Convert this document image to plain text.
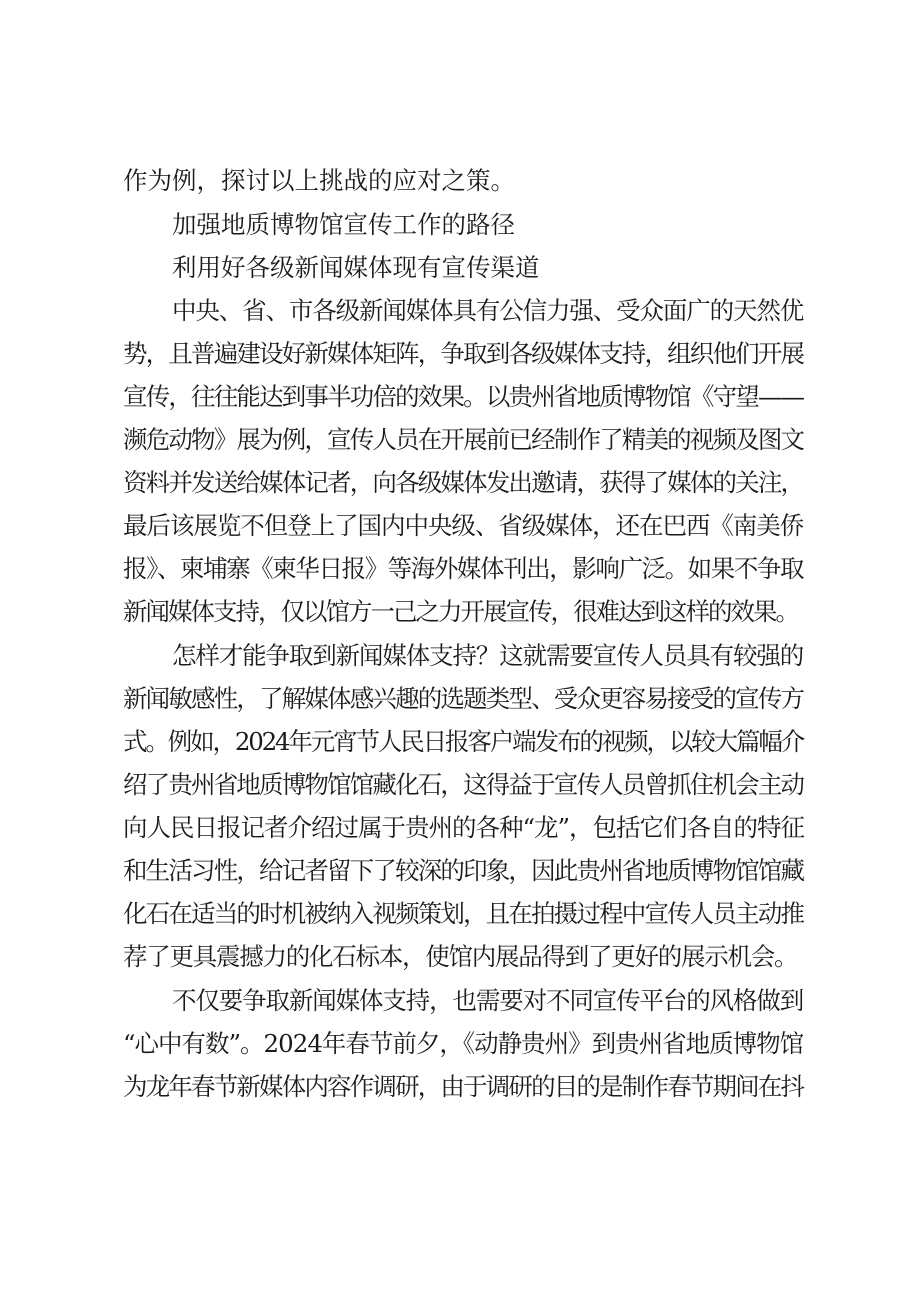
作为例，探讨以上挑战的应对之策。
加强地质博物馆宣传工作的路径
利用好各级新闻媒体现有宣传渠道
中央、省、市各级新闻媒体具有公信力强、受众面广的天然优
势，且普遍建设好新媒体矩阵，争取到各级媒体支持，组织他们开展
宣传，往往能达到事半功倍的效果。以贵州省地质博物馆《守望——
濒危动物》展为例，宣传人员在开展前已经制作了精美的视频及图文
资料并发送给媒体记者，向各级媒体发出邀请，获得了媒体的关注，
最后该展览不但登上了国内中央级、省级媒体，还在巴西《南美侨
报》、柬埔寨《柬华日报》等海外媒体刊出，影响广泛。如果不争取
新闻媒体支持，仅以馆方一己之力开展宣传，很难达到这样的效果。
怎样才能争取到新闻媒体支持？这就需要宣传人员具有较强的
新闻敏感性，了解媒体感兴趣的选题类型、受众更容易接受的宣传方
式。例如，2024年元宵节人民日报客户端发布的视频，以较大篇幅介
绍了贵州省地质博物馆馆藏化石，这得益于宣传人员曾抓住机会主动
向人民日报记者介绍过属于贵州的各种“龙”，包括它们各自的特征
和生活习性，给记者留下了较深的印象，因此贵州省地质博物馆馆藏
化石在适当的时机被纳入视频策划，且在拍摄过程中宣传人员主动推
荐了更具震撼力的化石标本，使馆内展品得到了更好的展示机会。
不仅要争取新闻媒体支持，也需要对不同宣传平台的风格做到
“心中有数”。2024年春节前夕，《动静贵州》到贵州省地质博物馆
为龙年春节新媒体内容作调研，由于调研的目的是制作春节期间在抖
